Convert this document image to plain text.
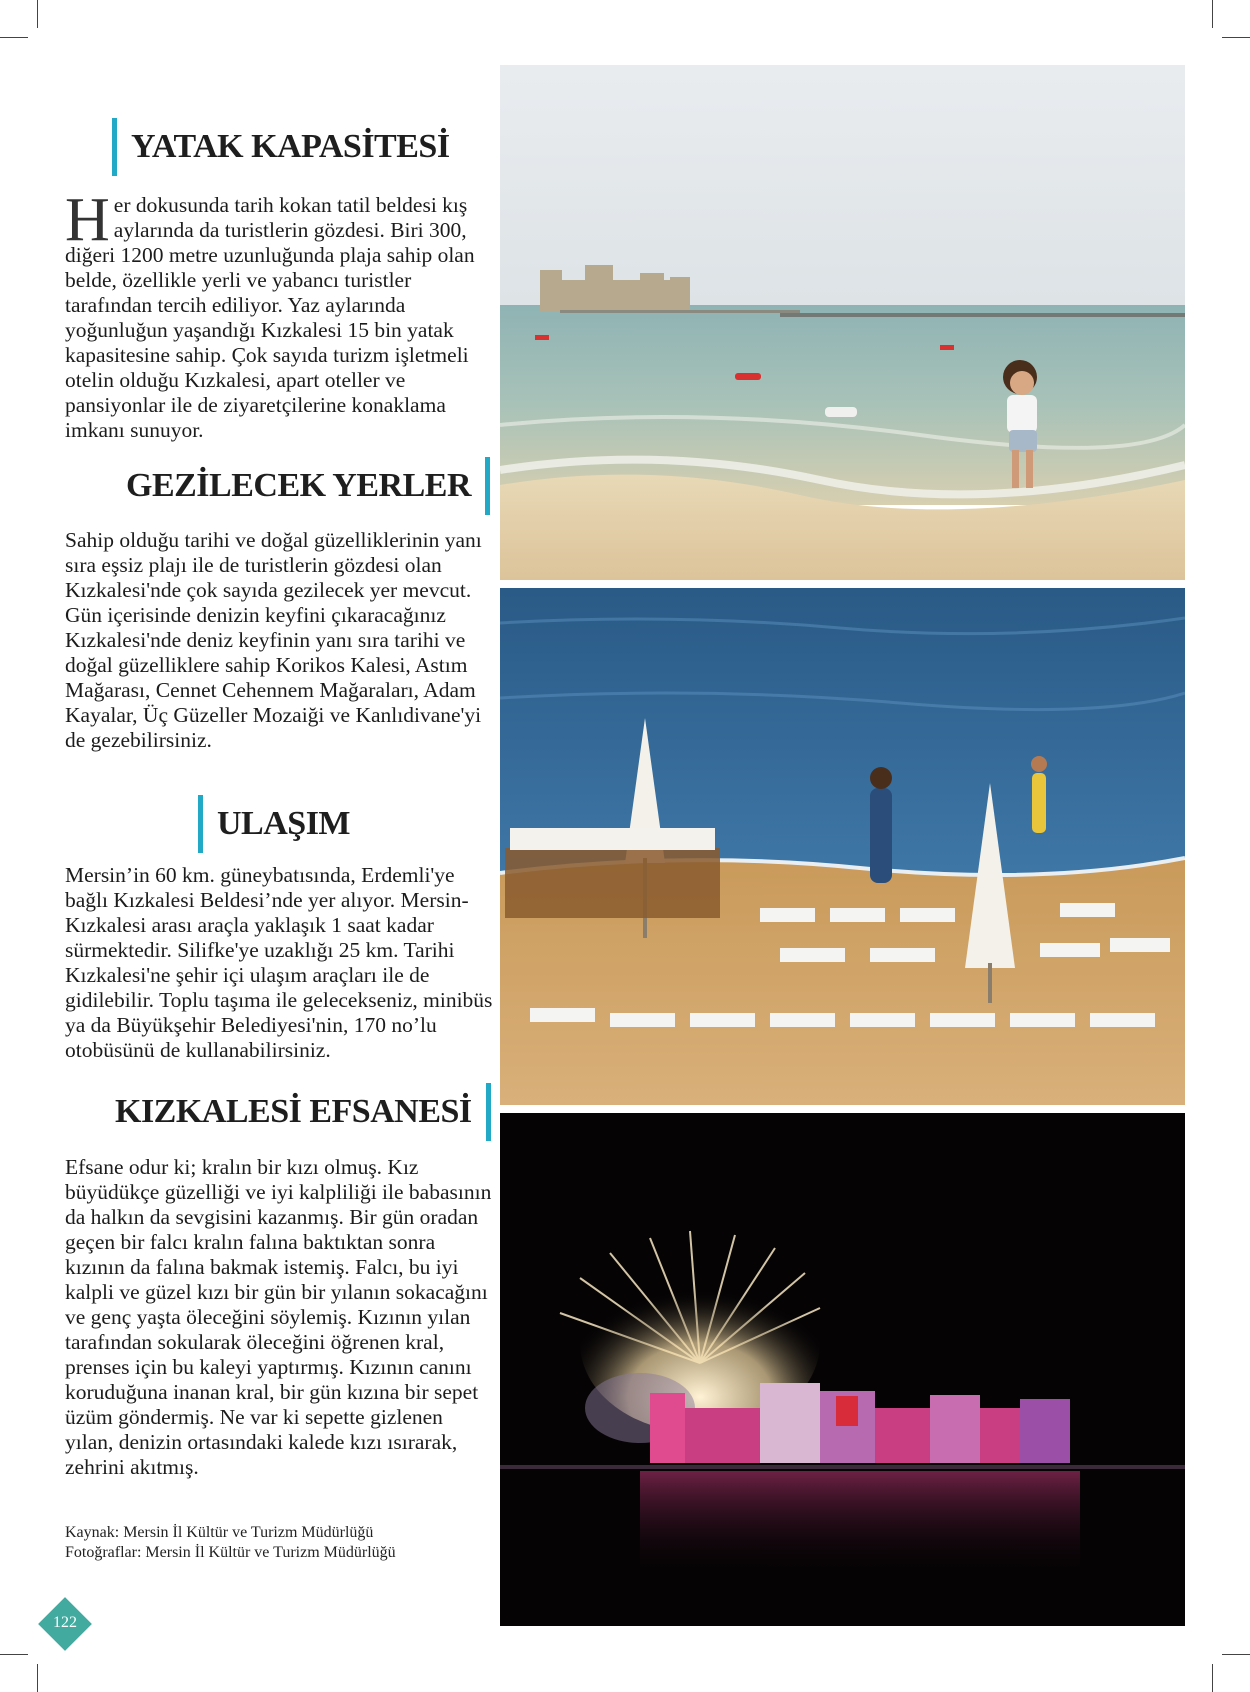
YATAK KAPASİTESİ

Her dokusunda tarih kokan tatil beldesi kış aylarında da turistlerin gözdesi. Biri 300, diğeri 1200 metre uzunluğunda plaja sahip olan belde, özellikle yerli ve yabancı turistler tarafından tercih ediliyor. Yaz aylarında yoğunluğun yaşandığı Kızkalesi 15 bin yatak kapasitesine sahip. Çok sayıda turizm işletmeli otelin olduğu Kızkalesi, apart oteller ve pansiyonlar ile de ziyaretçilerine konaklama imkanı sunuyor.

GEZİLECEK YERLER

Sahip olduğu tarihi ve doğal güzelliklerinin yanı sıra eşsiz plajı ile de turistlerin gözdesi olan Kızkalesi'nde çok sayıda gezilecek yer mevcut. Gün içerisinde denizin keyfini çıkaracağınız Kızkalesi'nde deniz keyfinin yanı sıra tarihi ve doğal güzelliklere sahip Korikos Kalesi, Astım Mağarası, Cennet Cehennem Mağaraları, Adam Kayalar, Üç Güzeller Mozaiği ve Kanlıdivane'yi de gezebilirsiniz.

ULAŞIM

Mersin’in 60 km. güneybatısında, Erdemli'ye bağlı Kızkalesi Beldesi’nde yer alıyor. Mersin-Kızkalesi arası araçla yaklaşık 1 saat kadar sürmektedir. Silifke'ye uzaklığı 25 km. Tarihi Kızkalesi'ne şehir içi ulaşım araçları ile de gidilebilir. Toplu taşıma ile gelecekseniz, minibüs ya da Büyükşehir Belediyesi'nin, 170 no’lu otobüsünü de kullanabilirsiniz.

KIZKALESİ EFSANESİ

Efsane odur ki; kralın bir kızı olmuş. Kız büyüdükçe güzelliği ve iyi kalpliliği ile babasının da halkın da sevgisini kazanmış. Bir gün oradan geçen bir falcı kralın falına baktıktan sonra kızının da falına bakmak istemiş. Falcı, bu iyi kalpli ve güzel kızı bir gün bir yılanın sokacağını ve genç yaşta öleceğini söylemiş. Kızının yılan tarafından sokularak öleceğini öğrenen kral, prenses için bu kaleyi yaptırmış. Kızının canını koruduğuna inanan kral, bir gün kızına bir sepet üzüm göndermiş. Ne var ki sepette gizlenen yılan, denizin ortasındaki kalede kızı ısırarak, zehrini akıtmış.

Kaynak: Mersin İl Kültür ve Turizm Müdürlüğü
Fotoğraflar: Mersin İl Kültür ve Turizm Müdürlüğü
122
